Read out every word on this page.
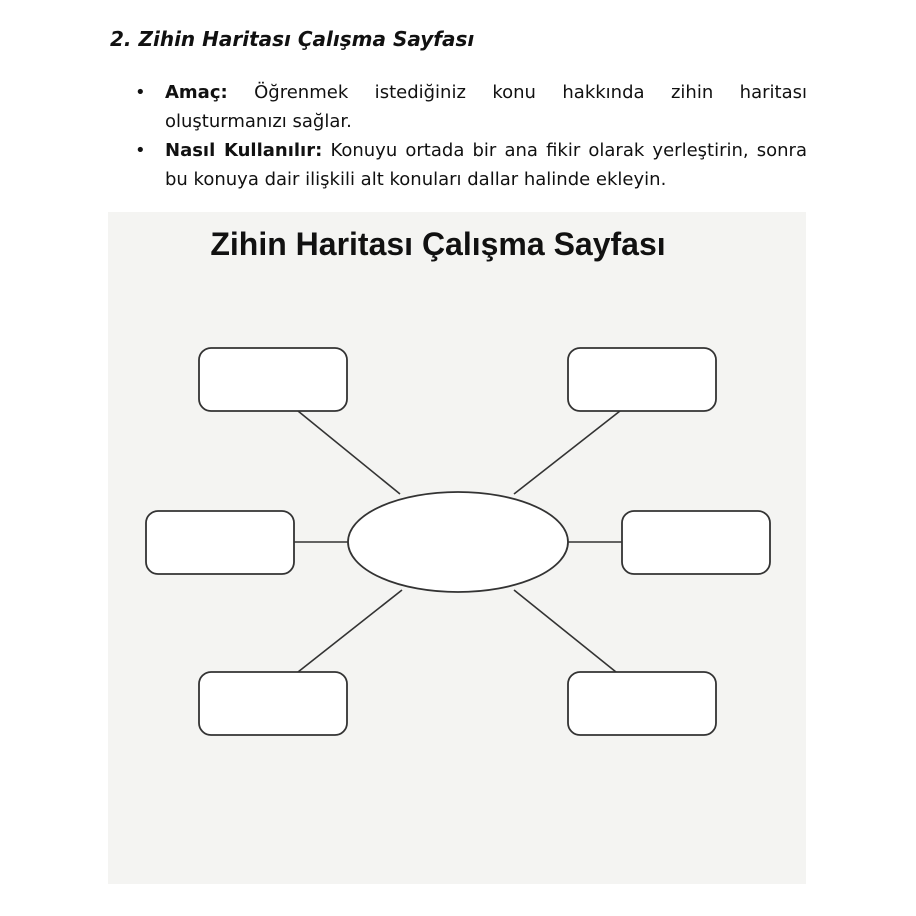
2. Zihin Haritası Çalışma Sayfası
• Amaç: Öğrenmek istediğiniz konu hakkında zihin haritası oluşturmanızı sağlar.
• Nasıl Kullanılır: Konuyu ortada bir ana fikir olarak yerleştirin, sonra bu konuya dair ilişkili alt konuları dallar halinde ekleyin.
Zihin Haritası Çalışma Sayfası
